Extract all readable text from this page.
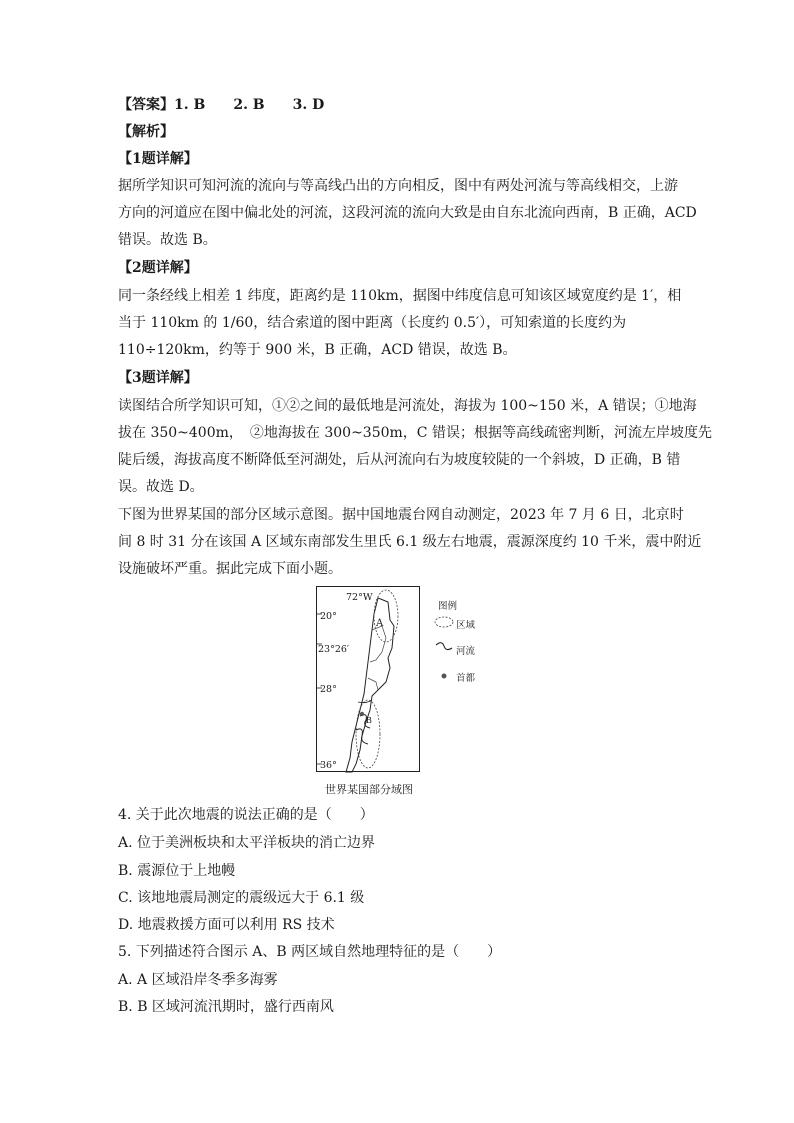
【答案】1. B　　2. B　　3. D
【解析】
【1题详解】
据所学知识可知河流的流向与等高线凸出的方向相反，图中有两处河流与等高线相交，上游
方向的河道应在图中偏北处的河流，这段河流的流向大致是由自东北流向西南，B 正确，ACD
错误。故选 B。
【2题详解】
同一条经线上相差 1 纬度，距离约是 110km，据图中纬度信息可知该区域宽度约是 1′，相
当于 110km 的 1/60，结合索道的图中距离（长度约 0.5′），可知索道的长度约为
110÷120km，约等于 900 米，B 正确，ACD 错误，故选 B。
【3题详解】
读图结合所学知识可知，①②之间的最低地是河流处，海拔为 100~150 米，A 错误；①地海
拔在 350~400m，　②地海拔在 300~350m，C 错误；根据等高线疏密判断，河流左岸坡度先
陡后缓，海拔高度不断降低至河湖处，后从河流向右为坡度较陡的一个斜坡，D 正确，B 错
误。故选 D。
下图为世界某国的部分区域示意图。据中国地震台网自动测定，2023 年 7 月 6 日，北京时
间 8 时 31 分在该国 A 区域东南部发生里氏 6.1 级左右地震，震源深度约 10 千米，震中附近
设施破坏严重。据此完成下面小题。
72°W
20°
23°26′
28°
36°
A
B
图例
区域
河流
首都
世界某国部分域图
4. 关于此次地震的说法正确的是（　　）
A. 位于美洲板块和太平洋板块的消亡边界
B. 震源位于上地幔
C. 该地地震局测定的震级远大于 6.1 级
D. 地震救援方面可以利用 RS 技术
5. 下列描述符合图示 A、B 两区域自然地理特征的是（　　）
A. A 区域沿岸冬季多海雾
B. B 区域河流汛期时，盛行西南风
